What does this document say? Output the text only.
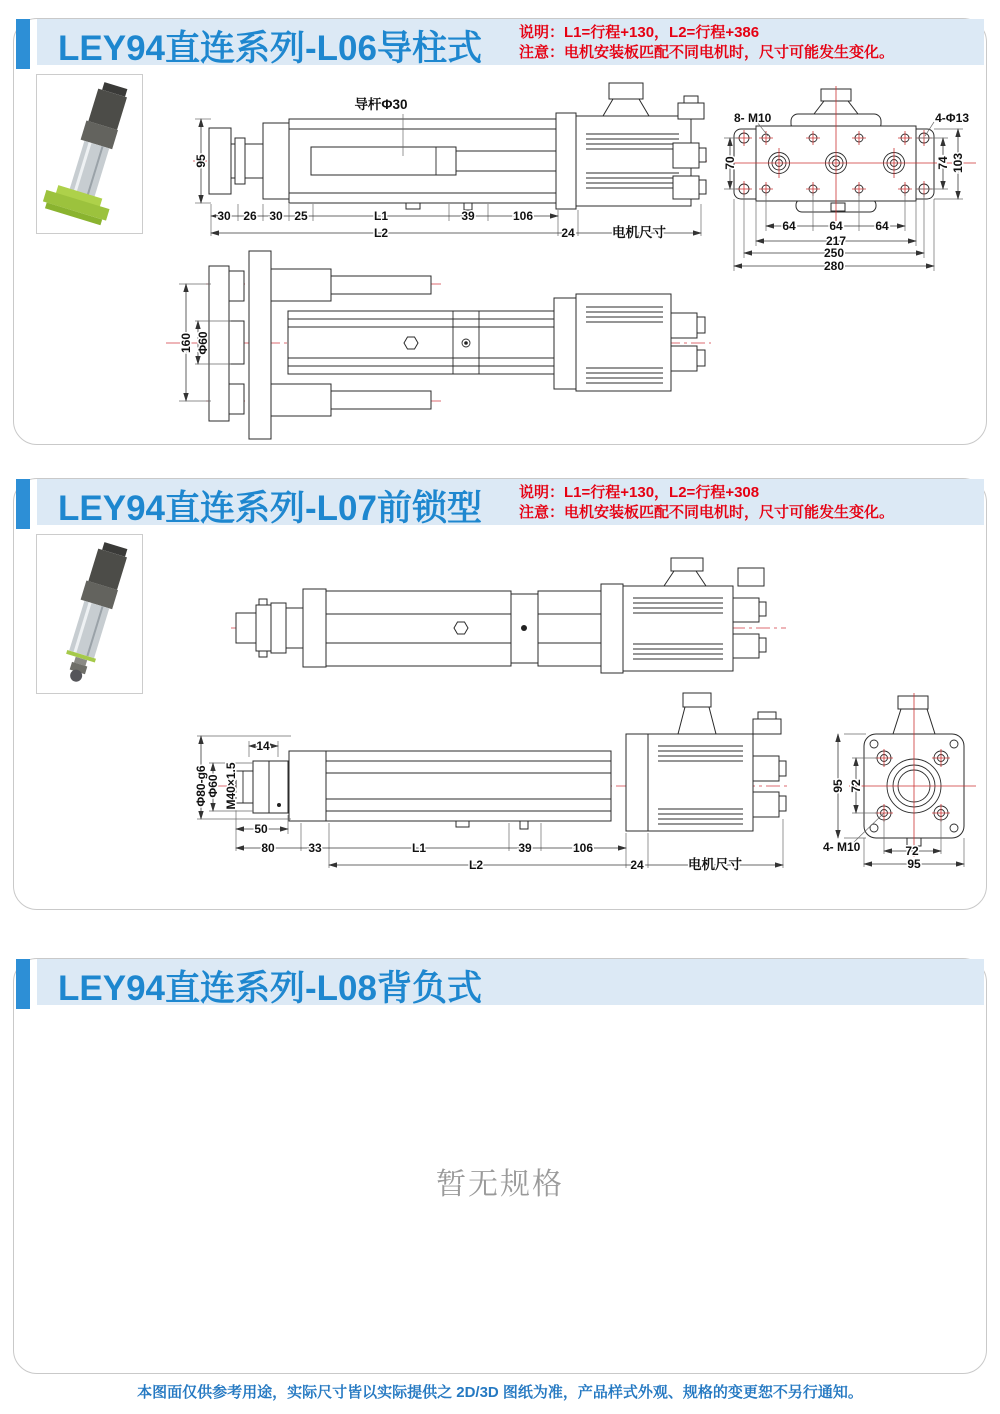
LEY94直连系列-L06导柱式 说明：L1=行程+130，L2=行程+386
注意：电机安装板匹配不同电机时，尺寸可能发生变化。
导杆Φ30
95
30 26 30 25	L1	39	106
L2	24	电机尺寸
8- M10	4-Φ13
70	74 103
64	64	64
217
250
280
160 Φ60
LEY94直连系列-L07前锁型 说明：L1=行程+130，L2=行程+308
注意：电机安装板匹配不同电机时，尺寸可能发生变化。
Φ80-g6
Φ60 M40×1.5
14
50
80	33	L1	39	106
L2	24	电机尺寸
95 72
4- M10	72
95
LEY94直连系列-L08背负式
暂无规格
本图面仅供参考用途，实际尺寸皆以实际提供之 2D/3D 图纸为准，产品样式外观、规格的变更恕不另行通知。
